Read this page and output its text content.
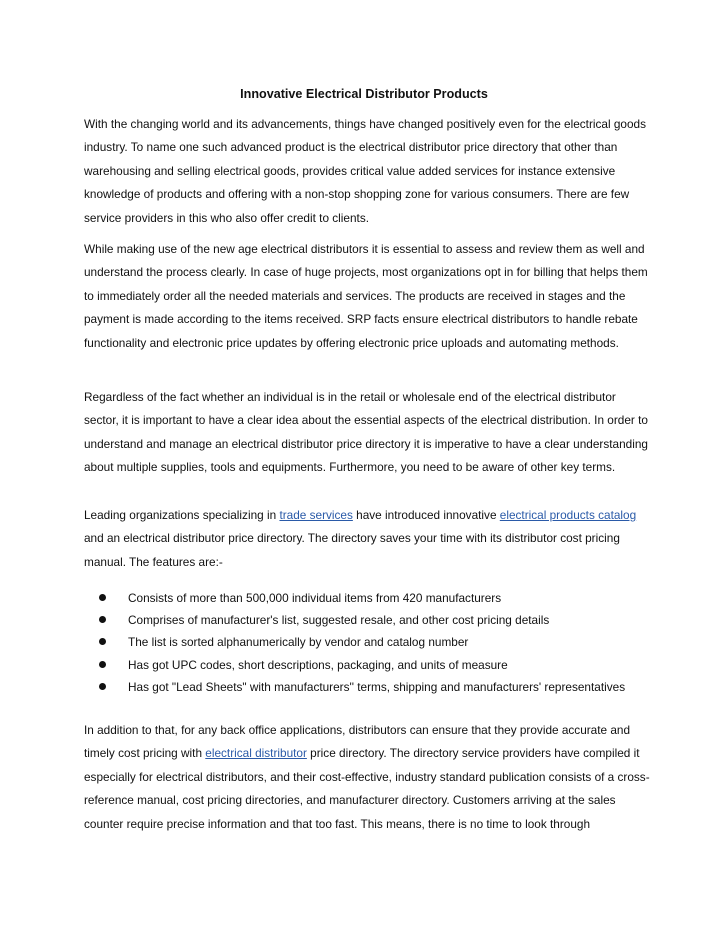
Innovative Electrical Distributor Products

With the changing world and its advancements, things have changed positively even for the electrical goods industry. To name one such advanced product is the electrical distributor price directory that other than warehousing and selling electrical goods, provides critical value added services for instance extensive knowledge of products and offering with a non-stop shopping zone for various consumers. There are few service providers in this who also offer credit to clients.

While making use of the new age electrical distributors it is essential to assess and review them as well and understand the process clearly. In case of huge projects, most organizations opt in for billing that helps them to immediately order all the needed materials and services. The products are received in stages and the payment is made according to the items received. SRP facts ensure electrical distributors to handle rebate functionality and electronic price updates by offering electronic price uploads and automating methods.

Regardless of the fact whether an individual is in the retail or wholesale end of the electrical distributor sector, it is important to have a clear idea about the essential aspects of the electrical distribution. In order to understand and manage an electrical distributor price directory it is imperative to have a clear understanding about multiple supplies, tools and equipments. Furthermore, you need to be aware of other key terms.

Leading organizations specializing in trade services have introduced innovative electrical products catalog and an electrical distributor price directory. The directory saves your time with its distributor cost pricing manual. The features are:-

Consists of more than 500,000 individual items from 420 manufacturers
Comprises of manufacturer's list, suggested resale, and other cost pricing details
The list is sorted alphanumerically by vendor and catalog number
Has got UPC codes, short descriptions, packaging, and units of measure
Has got "Lead Sheets" with manufacturers'' terms, shipping and manufacturers' representatives

In addition to that, for any back office applications, distributors can ensure that they provide accurate and timely cost pricing with electrical distributor price directory. The directory service providers have compiled it especially for electrical distributors, and their cost-effective, industry standard publication consists of a cross-reference manual, cost pricing directories, and manufacturer directory. Customers arriving at the sales counter require precise information and that too fast. This means, there is no time to look through
